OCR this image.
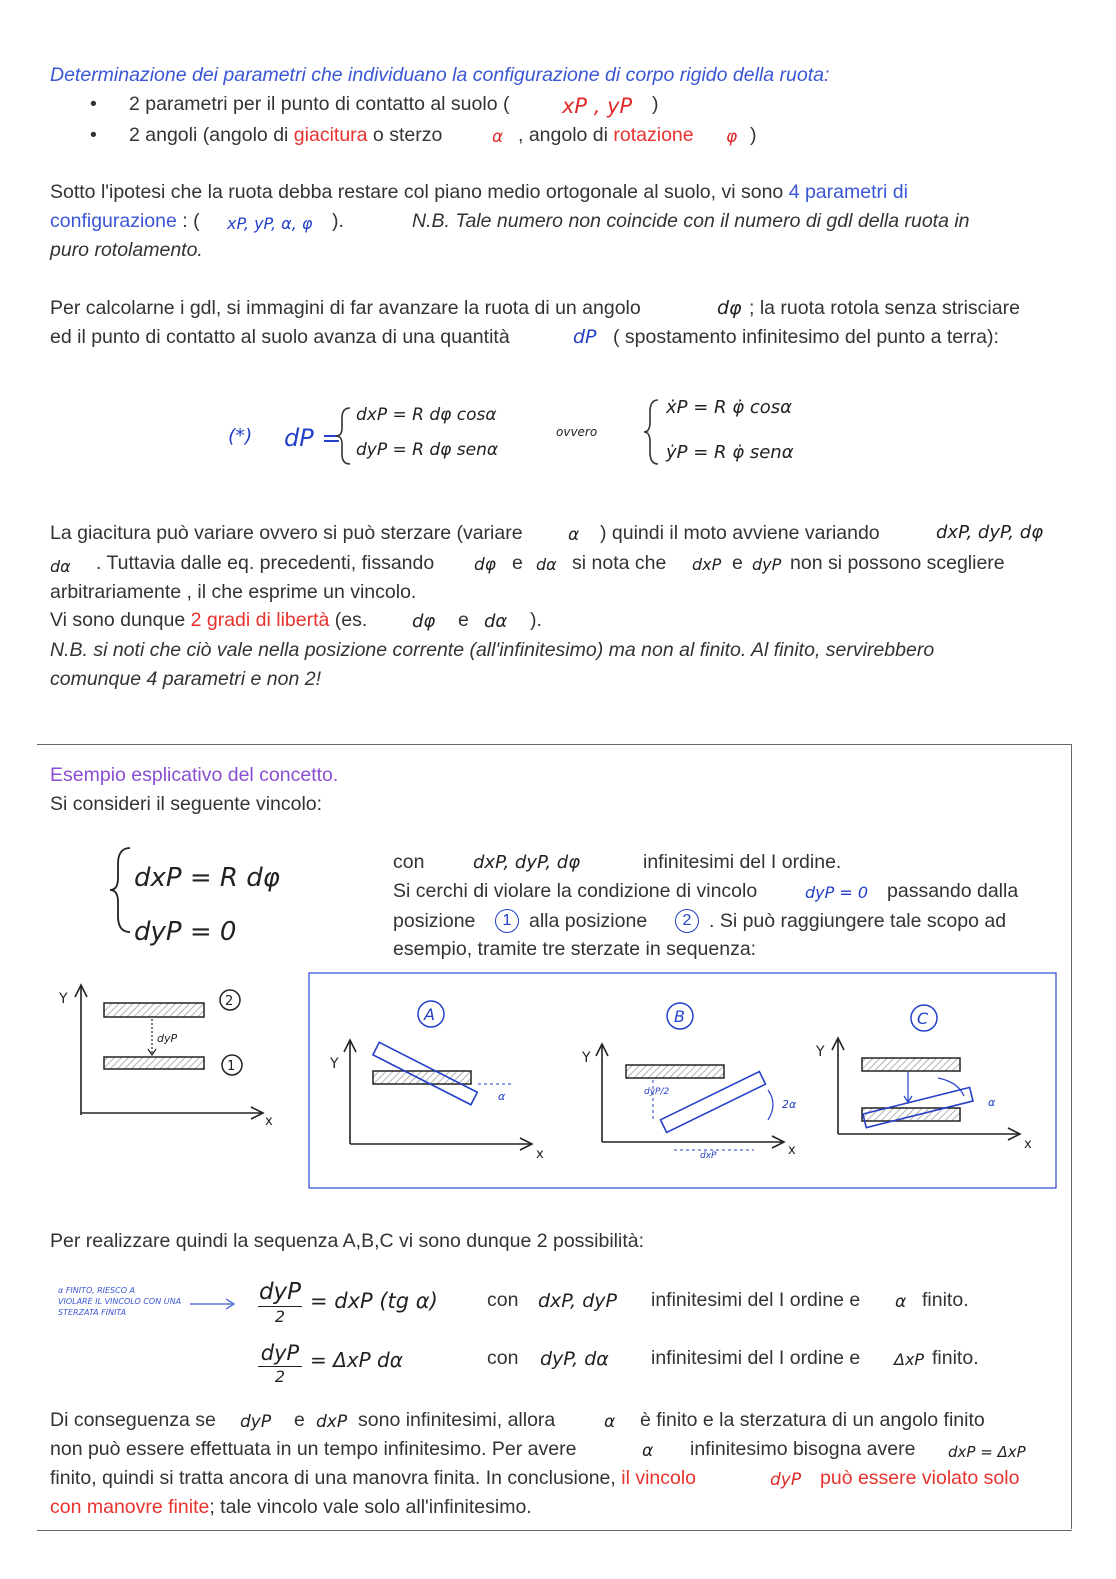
Determinazione dei parametri che individuano la configurazione di corpo rigido della ruota:
• 2 parametri per il punto di contatto al suolo (	xP , yP )
• 2 angoli (angolo di giacitura o sterzo	α , angolo di rotazione φ )
Sotto l'ipotesi che la ruota debba restare col piano medio ortogonale al suolo, vi sono 4 parametri di
configurazione : ( xP, yP, α, φ ).	N.B. Tale numero non coincide con il numero di gdl della ruota in
puro rotolamento.
Per calcolarne i gdl, si immagini di far avanzare la ruota di un angolo	dφ ; la ruota rotola senza strisciare
ed il punto di contatto al suolo avanza di una quantità	dP ( spostamento infinitesimo del punto a terra):
(*) dP =
dxP = R dφ cosα
dyP = R dφ senα
ovvero
ẋP = R φ̇ cosα
ẏP = R φ̇ senα
La giacitura può variare ovvero si può sterzare (variare	α ) quindi il moto avviene variando	dxP, dyP, dφ
dα . Tuttavia dalle eq. precedenti, fissando dφ e dα si nota che dxP e dyP non si possono scegliere
arbitrariamente , il che esprime un vincolo.
Vi sono dunque 2 gradi di libertà (es. dφ e dα ).
N.B. si noti che ciò vale nella posizione corrente (all'infinitesimo) ma non al finito. Al finito, servirebbero
comunque 4 parametri e non 2!
Esempio esplicativo del concetto.
Si consideri il seguente vincolo:
dxP = R dφ
dyP = 0
con	dxP, dyP, dφ	infinitesimi del I ordine.
Si cerchi di violare la condizione di vincolo	dyP = 0 passando dalla
posizione	1 alla posizione	2 . Si può raggiungere tale scopo ad
esempio, tramite tre sterzate in sequenza:
Y
x
dyP
2
1
A
Y
x
α
B
Y
x
dyP/2
dxP
2α
C
Y
x
α
Per realizzare quindi la sequenza A,B,C vi sono dunque 2 possibilità:
α FINITO, RIESCO A
VIOLARE IL VINCOLO CON UNA
STERZATA FINITA
dyP
2
= dxP (tg α)	con dxP, dyP infinitesimi del I ordine e α finito.
dyP
2
= ΔxP dα	con dyP, dα infinitesimi del I ordine e ΔxP finito.
Di conseguenza se dyP e dxP sono infinitesimi, allora	α è finito e la sterzatura di un angolo finito
non può essere effettuata in un tempo infinitesimo. Per avere	α infinitesimo bisogna avere dxP = ΔxP
finito, quindi si tratta ancora di una manovra finita. In conclusione, il vincolo	dyP può essere violato solo
con manovre finite; tale vincolo vale solo all'infinitesimo.
